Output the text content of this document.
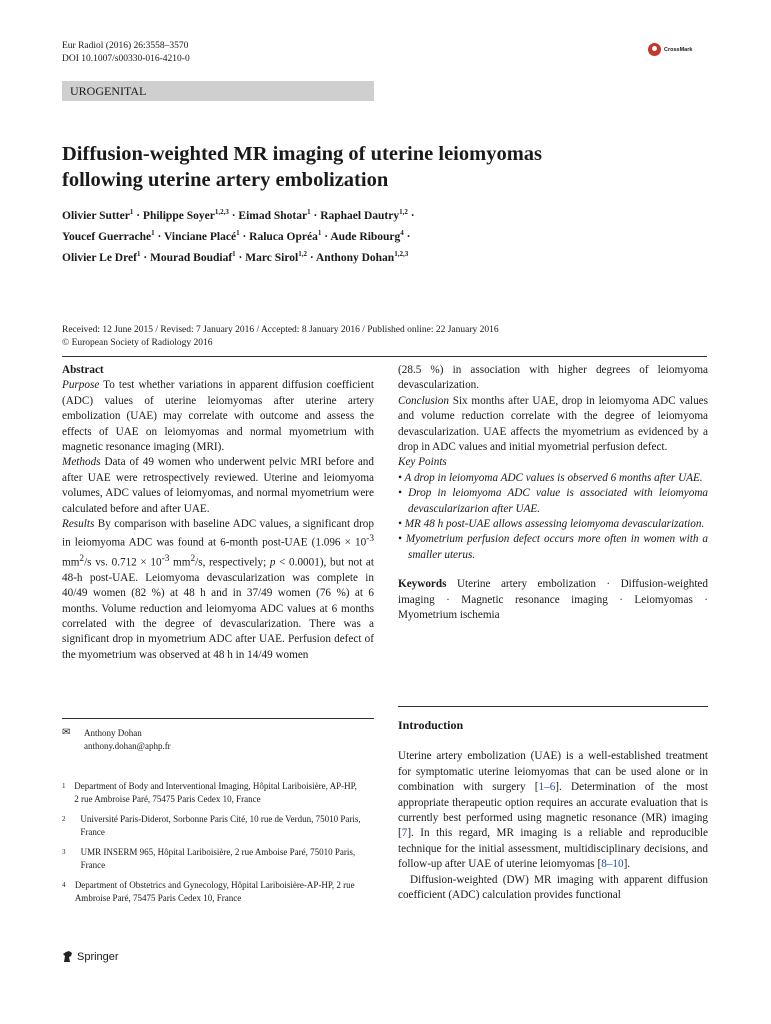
Eur Radiol (2016) 26:3558–3570
DOI 10.1007/s00330-016-4210-0
CrossMark
UROGENITAL
Diffusion-weighted MR imaging of uterine leiomyomas
following uterine artery embolization
Olivier Sutter$^1$ · Philippe Soyer$^{1,2,3}$ · Eimad Shotar$^1$ · Raphael Dautry$^{1,2}$ ·
Youcef Guerrache$^1$ · Vinciane Placé$^1$ · Raluca Opréa$^1$ · Aude Ribourg$^4$ ·
Olivier Le Dref$^1$ · Mourad Boudiaf$^1$ · Marc Sirol$^{1,2}$ · Anthony Dohan$^{1,2,3}$
Received: 12 June 2015 / Revised: 7 January 2016 / Accepted: 8 January 2016 / Published online: 22 January 2016
© European Society of Radiology 2016

Abstract

Purpose To test whether variations in apparent diffusion coefficient (ADC) values of uterine leiomyomas after uterine artery embolization (UAE) may correlate with outcome and assess the effects of UAE on leiomyomas and normal myometrium with magnetic resonance imaging (MRI).

Methods Data of 49 women who underwent pelvic MRI before and after UAE were retrospectively reviewed. Uterine and leiomyoma volumes, ADC values of leiomyomas, and normal myometrium were calculated before and after UAE.

Results By comparison with baseline ADC values, a significant drop in leiomyoma ADC was found at 6-month post-UAE ($1.096 \times 10^{-3}$ $mm^2/s$ vs. $0.712 \times 10^{-3}$ $mm^2/s$, respectively; p < 0.0001), but not at 48-h post-UAE. Leiomyoma devascularization was complete in 40/49 women (82 %) at 48 h and in 37/49 women (76 %) at 6 months. Volume reduction and leiomyoma ADC values at 6 months correlated with the degree of devascularization. There was a significant drop in myometrium ADC after UAE. Perfusion defect of the myometrium was observed at 48 h in 14/49 women

✉	Anthony Dohan
anthony.dohan@aphp.fr
1 Department of Body and Interventional Imaging, Hôpital Lariboisière, AP-HP, 2 rue Ambroise Paré, 75475 Paris Cedex 10, France
2	Université Paris-Diderot, Sorbonne Paris Cité, 10 rue de Verdun, 75010 Paris, France
3	UMR INSERM 965, Hôpital Lariboisière, 2 rue Amboise Paré, 75010 Paris, France
4	Department of Obstetrics and Gynecology, Hôpital Lariboisière-AP-HP, 2 rue Ambroise Paré, 75475 Paris Cedex 10, France

(28.5 %) in association with higher degrees of leiomyoma devascularization.

Conclusion Six months after UAE, drop in leiomyoma ADC values and volume reduction correlate with the degree of leiomyoma devascularization. UAE affects the myometrium as evidenced by a drop in ADC values and initial myometrial perfusion defect.

Key Points

• A drop in leiomyoma ADC values is observed 6 months after UAE.

• Drop in leiomyoma ADC value is associated with leiomyoma devascularizarion after UAE.

• MR 48 h post-UAE allows assessing leiomyoma devascularization.

• Myometrium perfusion defect occurs more often in women with a smaller uterus.

Keywords Uterine artery embolization · Diffusion-weighted imaging · Magnetic resonance imaging · Leiomyomas · Myometrium ischemia

Introduction

Uterine artery embolization (UAE) is a well-established treatment for symptomatic uterine leiomyomas that can be used alone or in combination with surgery [1–6]. Determination of the most appropriate therapeutic option requires an accurate evaluation that is currently best performed using magnetic resonance (MR) imaging [7]. In this regard, MR imaging is a reliable and reproducible technique for the initial assessment, multidisciplinary decisions, and follow-up after UAE of uterine leiomyomas [8–10].

Diffusion-weighted (DW) MR imaging with apparent diffusion coefficient (ADC) calculation provides functional

Springer
